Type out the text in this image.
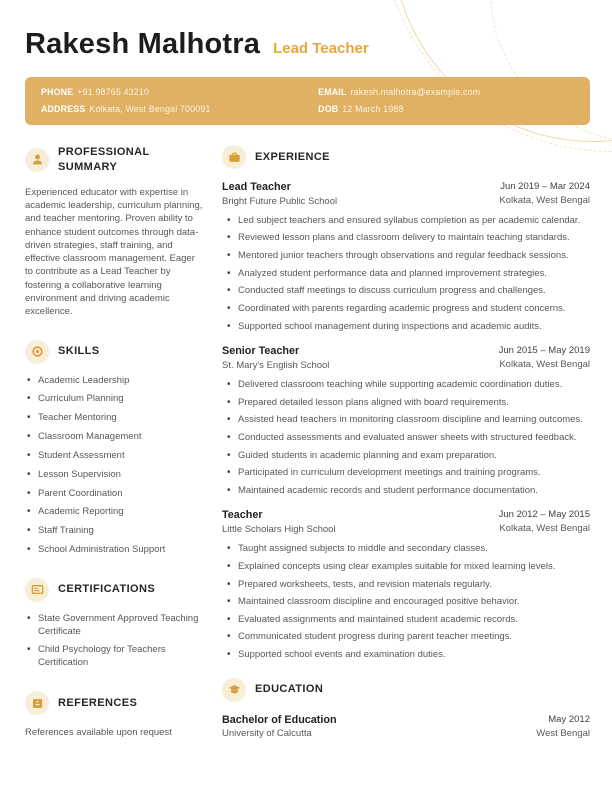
Rakesh Malhotra Lead Teacher
PHONE +91 98765 43210	EMAIL rakesh.malhotra@example.com
ADDRESS Kolkata, West Bengal 700091	DOB 12 March 1988
PROFESSIONAL SUMMARY
Experienced educator with expertise in academic leadership, curriculum planning, and teacher mentoring. Proven ability to enhance student outcomes through data-driven strategies, staff training, and effective classroom management. Eager to contribute as a Lead Teacher by fostering a collaborative learning environment and driving academic excellence.
SKILLS
• Academic Leadership
• Curriculum Planning
• Teacher Mentoring
• Classroom Management
• Student Assessment
• Lesson Supervision
• Parent Coordination
• Academic Reporting
• Staff Training
• School Administration Support
CERTIFICATIONS
• State Government Approved Teaching Certificate
• Child Psychology for Teachers Certification
REFERENCES
References available upon request
EXPERIENCE
Lead Teacher
Bright Future Public School
Jun 2019 – Mar 2024
Kolkata, West Bengal
• Led subject teachers and ensured syllabus completion as per academic calendar.
• Reviewed lesson plans and classroom delivery to maintain teaching standards.
• Mentored junior teachers through observations and regular feedback sessions.
• Analyzed student performance data and planned improvement strategies.
• Conducted staff meetings to discuss curriculum progress and challenges.
• Coordinated with parents regarding academic progress and student concerns.
• Supported school management during inspections and academic audits.
Senior Teacher
St. Mary's English School
Jun 2015 – May 2019
Kolkata, West Bengal
• Delivered classroom teaching while supporting academic coordination duties.
• Prepared detailed lesson plans aligned with board requirements.
• Assisted head teachers in monitoring classroom discipline and learning outcomes.
• Conducted assessments and evaluated answer sheets with structured feedback.
• Guided students in academic planning and exam preparation.
• Participated in curriculum development meetings and training programs.
• Maintained academic records and student performance documentation.
Teacher
Little Scholars High School
Jun 2012 – May 2015
Kolkata, West Bengal
• Taught assigned subjects to middle and secondary classes.
• Explained concepts using clear examples suitable for mixed learning levels.
• Prepared worksheets, tests, and revision materials regularly.
• Maintained classroom discipline and encouraged positive behavior.
• Evaluated assignments and maintained student academic records.
• Communicated student progress during parent teacher meetings.
• Supported school events and examination duties.
EDUCATION
Bachelor of Education
University of Calcutta
May 2012
West Bengal
